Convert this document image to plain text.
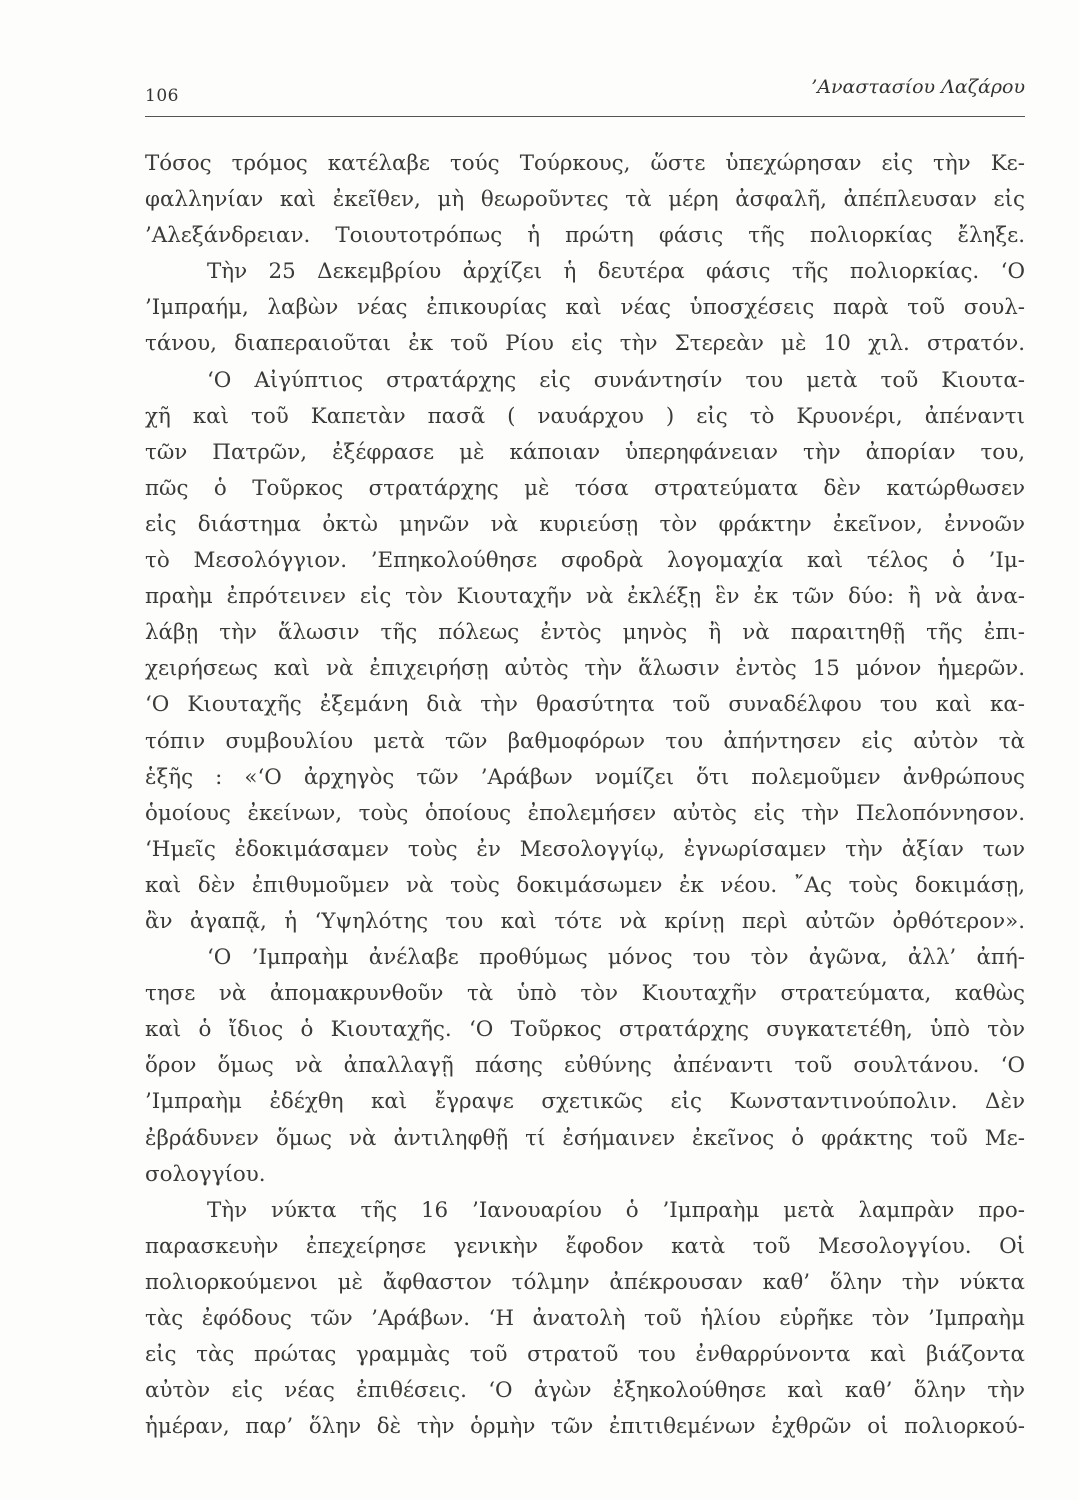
106	’Αναστασίου Λαζάρου
Τόσος τρόμος κατέλαβε τούς Τούρκους, ὥστε ὑπεχώρησαν εἰς τὴν Κε-
φαλληνίαν καὶ ἐκεῖθεν, μὴ θεωροῦντες τὰ μέρη ἀσφαλῆ, ἀπέπλευσαν εἰς
’Αλεξάνδρειαν. Τοιουτοτρόπως ἡ πρώτη φάσις τῆς πολιορκίας ἔληξε.
Τὴν 25 Δεκεμβρίου ἀρχίζει ἡ δευτέρα φάσις τῆς πολιορκίας. ‘Ο
’Ιμπραήμ, λαβὼν νέας ἐπικουρίας καὶ νέας ὑποσχέσεις παρὰ τοῦ σουλ-
τάνου, διαπεραιοῦται ἐκ τοῦ Ρίου εἰς τὴν Στερεὰν μὲ 10 χιλ. στρατόν.
‘Ο Αἰγύπτιος στρατάρχης εἰς συνάντησίν του μετὰ τοῦ Κιουτα-
χῆ καὶ τοῦ Καπετὰν πασᾶ ( ναυάρχου ) εἰς τὸ Κρυονέρι, ἀπέναντι
τῶν Πατρῶν, ἐξέφρασε μὲ κάποιαν ὑπερηφάνειαν τὴν ἀπορίαν του,
πῶς ὁ Τοῦρκος στρατάρχης μὲ τόσα στρατεύματα δὲν κατώρθωσεν
εἰς διάστημα ὀκτὼ μηνῶν νὰ κυριεύσῃ τὸν φράκτην ἐκεῖνον, ἐννοῶν
τὸ Μεσολόγγιον. ’Επηκολούθησε σφοδρὰ λογομαχία καὶ τέλος ὁ ’Ιμ-
πραὴμ ἐπρότεινεν εἰς τὸν Κιουταχῆν νὰ ἐκλέξῃ ἓν ἐκ τῶν δύο: ἢ νὰ ἀνα-
λάβῃ τὴν ἅλωσιν τῆς πόλεως ἐντὸς μηνὸς ἢ νὰ παραιτηθῇ τῆς ἐπι-
χειρήσεως καὶ νὰ ἐπιχειρήσῃ αὐτὸς τὴν ἅλωσιν ἐντὸς 15 μόνον ἡμερῶν.
‘Ο Κιουταχῆς ἐξεμάνη διὰ τὴν θρασύτητα τοῦ συναδέλφου του καὶ κα-
τόπιν συμβουλίου μετὰ τῶν βαθμοφόρων του ἀπήντησεν εἰς αὐτὸν τὰ
ἑξῆς : «‘Ο ἀρχηγὸς τῶν ’Αράβων νομίζει ὅτι πολεμοῦμεν ἀνθρώπους
ὁμοίους ἐκείνων, τοὺς ὁποίους ἐπολεμήσεν αὐτὸς εἰς τὴν Πελοπόννησον.
‘Ημεῖς ἐδοκιμάσαμεν τοὺς ἐν Μεσολογγίῳ, ἐγνωρίσαμεν τὴν ἀξίαν των
καὶ δὲν ἐπιθυμοῦμεν νὰ τοὺς δοκιμάσωμεν ἐκ νέου. ῎Ας τοὺς δοκιμάσῃ,
ἂν ἀγαπᾷ, ἡ ‘Υψηλότης του καὶ τότε νὰ κρίνῃ περὶ αὐτῶν ὀρθότερον».
‘Ο ’Ιμπραὴμ ἀνέλαβε προθύμως μόνος του τὸν ἀγῶνα, ἀλλ’ ἀπή-
τησε νὰ ἀπομακρυνθοῦν τὰ ὑπὸ τὸν Κιουταχῆν στρατεύματα, καθὼς
καὶ ὁ ἴδιος ὁ Κιουταχῆς. ‘Ο Τοῦρκος στρατάρχης συγκατετέθη, ὑπὸ τὸν
ὅρον ὅμως νὰ ἀπαλλαγῇ πάσης εὐθύνης ἀπέναντι τοῦ σουλτάνου. ‘Ο
’Ιμπραὴμ ἐδέχθη καὶ ἔγραψε σχετικῶς εἰς Κωνσταντινούπολιν. Δὲν
ἐβράδυνεν ὅμως νὰ ἀντιληφθῇ τί ἐσήμαινεν ἐκεῖνος ὁ φράκτης τοῦ Με-
σολογγίου.
Τὴν νύκτα τῆς 16 ’Ιανουαρίου ὁ ’Ιμπραὴμ μετὰ λαμπρὰν προ-
παρασκευὴν ἐπεχείρησε γενικὴν ἔφοδον κατὰ τοῦ Μεσολογγίου. Οἱ
πολιορκούμενοι μὲ ἄφθαστον τόλμην ἀπέκρουσαν καθ’ ὅλην τὴν νύκτα
τὰς ἐφόδους τῶν ’Αράβων. ‘Η ἀνατολὴ τοῦ ἡλίου εὑρῆκε τὸν ’Ιμπραὴμ
εἰς τὰς πρώτας γραμμὰς τοῦ στρατοῦ του ἐνθαρρύνοντα καὶ βιάζοντα
αὐτὸν εἰς νέας ἐπιθέσεις. ‘Ο ἀγὼν ἐξηκολούθησε καὶ καθ’ ὅλην τὴν
ἡμέραν, παρ’ ὅλην δὲ τὴν ὁρμὴν τῶν ἐπιτιθεμένων ἐχθρῶν οἱ πολιορκού-
